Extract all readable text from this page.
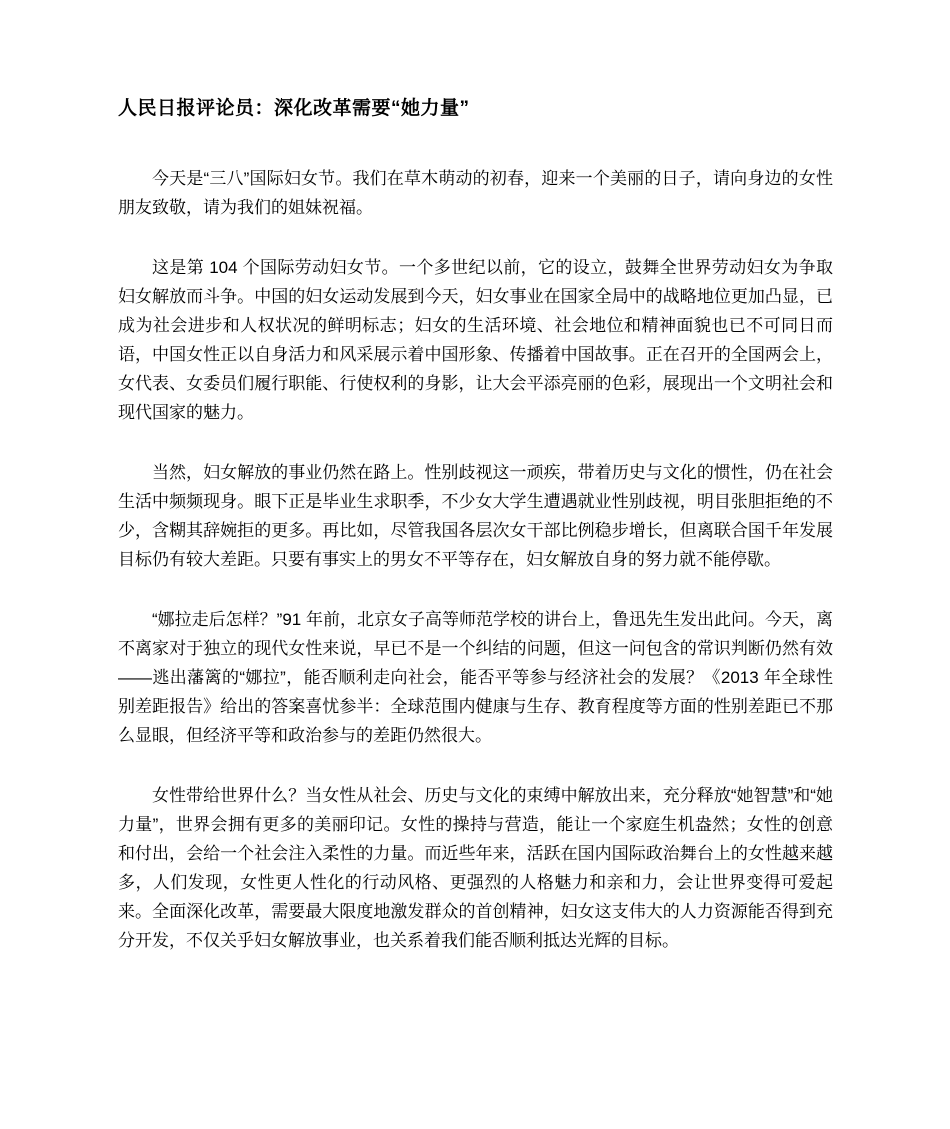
人民日报评论员：深化改革需要“她力量”

今天是“三八”国际妇女节。我们在草木萌动的初春，迎来一个美丽的日子，请向身边的女性朋友致敬，请为我们的姐妹祝福。

这是第 104 个国际劳动妇女节。一个多世纪以前，它的设立，鼓舞全世界劳动妇女为争取妇女解放而斗争。中国的妇女运动发展到今天，妇女事业在国家全局中的战略地位更加凸显，已成为社会进步和人权状况的鲜明标志；妇女的生活环境、社会地位和精神面貌也已不可同日而语，中国女性正以自身活力和风采展示着中国形象、传播着中国故事。正在召开的全国两会上，女代表、女委员们履行职能、行使权利的身影，让大会平添亮丽的色彩，展现出一个文明社会和现代国家的魅力。

当然，妇女解放的事业仍然在路上。性别歧视这一顽疾，带着历史与文化的惯性，仍在社会生活中频频现身。眼下正是毕业生求职季，不少女大学生遭遇就业性别歧视，明目张胆拒绝的不少，含糊其辞婉拒的更多。再比如，尽管我国各层次女干部比例稳步增长，但离联合国千年发展目标仍有较大差距。只要有事实上的男女不平等存在，妇女解放自身的努力就不能停歇。

“娜拉走后怎样？”91 年前，北京女子高等师范学校的讲台上，鲁迅先生发出此问。今天，离不离家对于独立的现代女性来说，早已不是一个纠结的问题，但这一问包含的常识判断仍然有效——逃出藩篱的“娜拉”，能否顺利走向社会，能否平等参与经济社会的发展？《2013 年全球性别差距报告》给出的答案喜忧参半：全球范围内健康与生存、教育程度等方面的性别差距已不那么显眼，但经济平等和政治参与的差距仍然很大。

女性带给世界什么？当女性从社会、历史与文化的束缚中解放出来，充分释放“她智慧”和“她力量”，世界会拥有更多的美丽印记。女性的操持与营造，能让一个家庭生机盎然；女性的创意和付出，会给一个社会注入柔性的力量。而近些年来，活跃在国内国际政治舞台上的女性越来越多，人们发现，女性更人性化的行动风格、更强烈的人格魅力和亲和力，会让世界变得可爱起来。全面深化改革，需要最大限度地激发群众的首创精神，妇女这支伟大的人力资源能否得到充分开发，不仅关乎妇女解放事业，也关系着我们能否顺利抵达光辉的目标。
